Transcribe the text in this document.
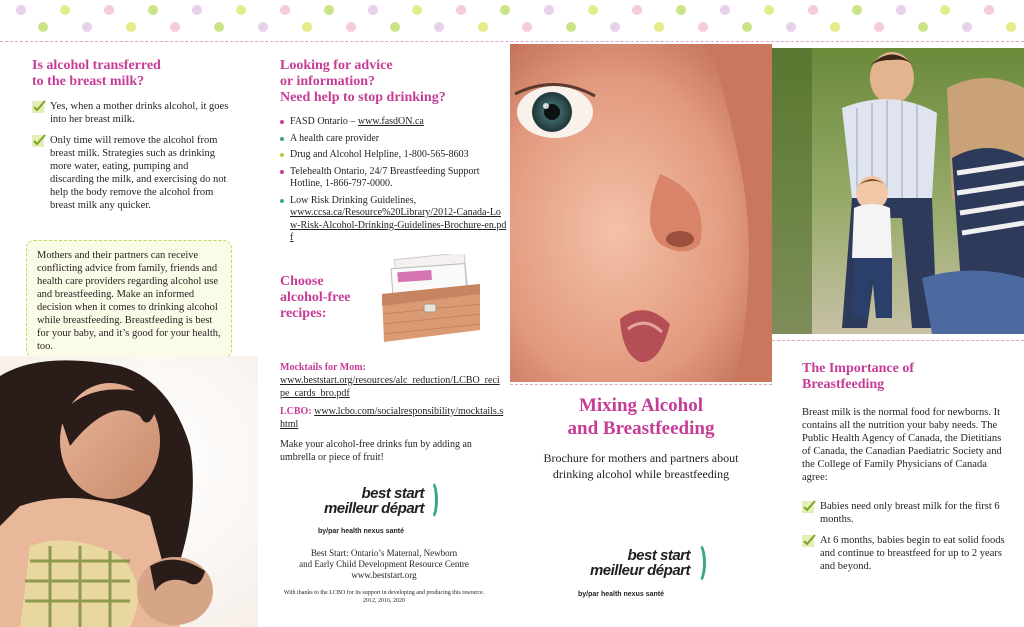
Is alcohol transferred
to the breast milk?
Yes, when a mother drinks alcohol, it goes into her breast milk.
Only time will remove the alcohol from breast milk. Strategies such as drinking more water, eating, pumping and discarding the milk, and exercising do not help the body remove the alcohol from breast milk any quicker.
Mothers and their partners can receive conflicting advice from family, friends and health care providers regarding alcohol use and breastfeeding. Make an informed decision when it comes to drinking alcohol while breastfeeding. Breastfeeding is best for your baby, and it’s good for your health, too.
Looking for advice
or information?
Need help to stop drinking?
FASD Ontario – www.fasdON.ca
A health care provider
Drug and Alcohol Helpline, 1-800-565-8603
Telehealth Ontario, 24/7 Breastfeeding Support Hotline, 1-866-797-0000.
Low Risk Drinking Guidelines,
www.ccsa.ca/Resource%20Library/2012-Canada-Low-Risk-Alcohol-Drinking-Guidelines-Brochure-en.pdf
Choose
alcohol-free
recipes:
Mocktails for Mom:
www.beststart.org/resources/alc_reduction/LCBO_recipe_cards_bro.pdf
LCBO: www.lcbo.com/socialresponsibility/mocktails.shtml
Make your alcohol-free drinks fun by adding an umbrella or piece of fruit!
best start
meilleur départ
by/par health nexus santé
Best Start: Ontario’s Maternal, Newborn
and Early Child Development Resource Centre
www.beststart.org
With thanks to the LCBO for its support in developing and producing this resource.
2012, 2016, 2020
Mixing Alcohol
and Breastfeeding
Brochure for mothers and partners about drinking alcohol while breastfeeding
best start
meilleur départ
by/par health nexus santé
The Importance of
Breastfeeding
Breast milk is the normal food for newborns. It contains all the nutrition your baby needs. The Public Health Agency of Canada, the Dietitians of Canada, the Canadian Paediatric Society and the College of Family Physicians of Canada agree:
Babies need only breast milk for the first 6 months.
At 6 months, babies begin to eat solid foods and continue to breastfeed for up to 2 years and beyond.
